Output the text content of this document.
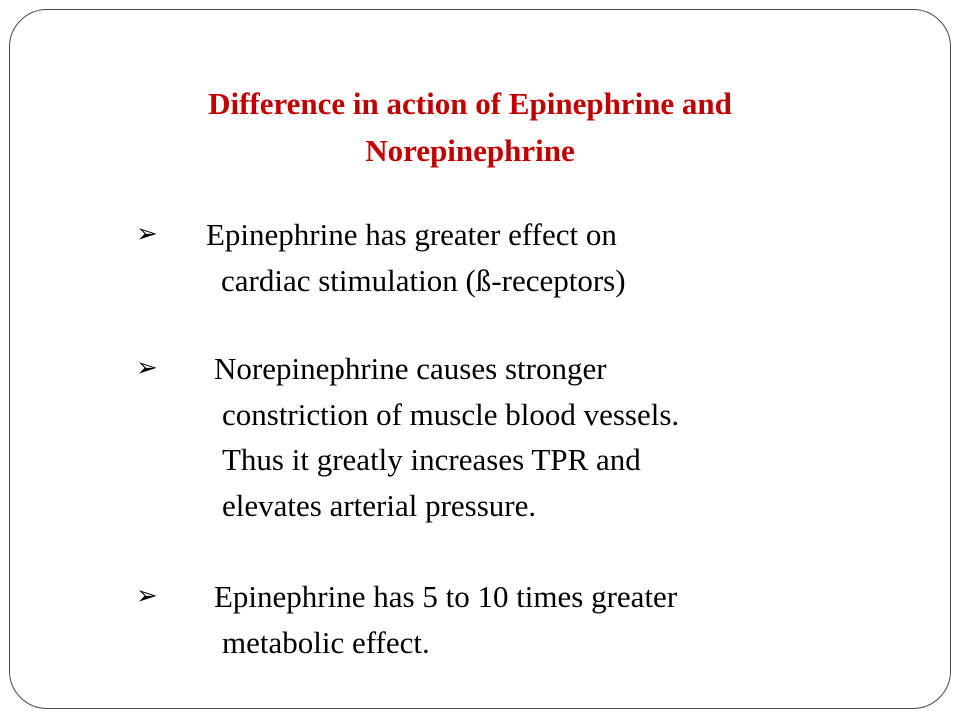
Difference in action of Epinephrine and
Norepinephrine
➢ Epinephrine has greater effect on
cardiac stimulation (ß-receptors)
➢ Norepinephrine causes stronger
constriction of muscle blood vessels.
Thus it greatly increases TPR and
elevates arterial pressure.
➢ Epinephrine has 5 to 10 times greater
metabolic effect.
